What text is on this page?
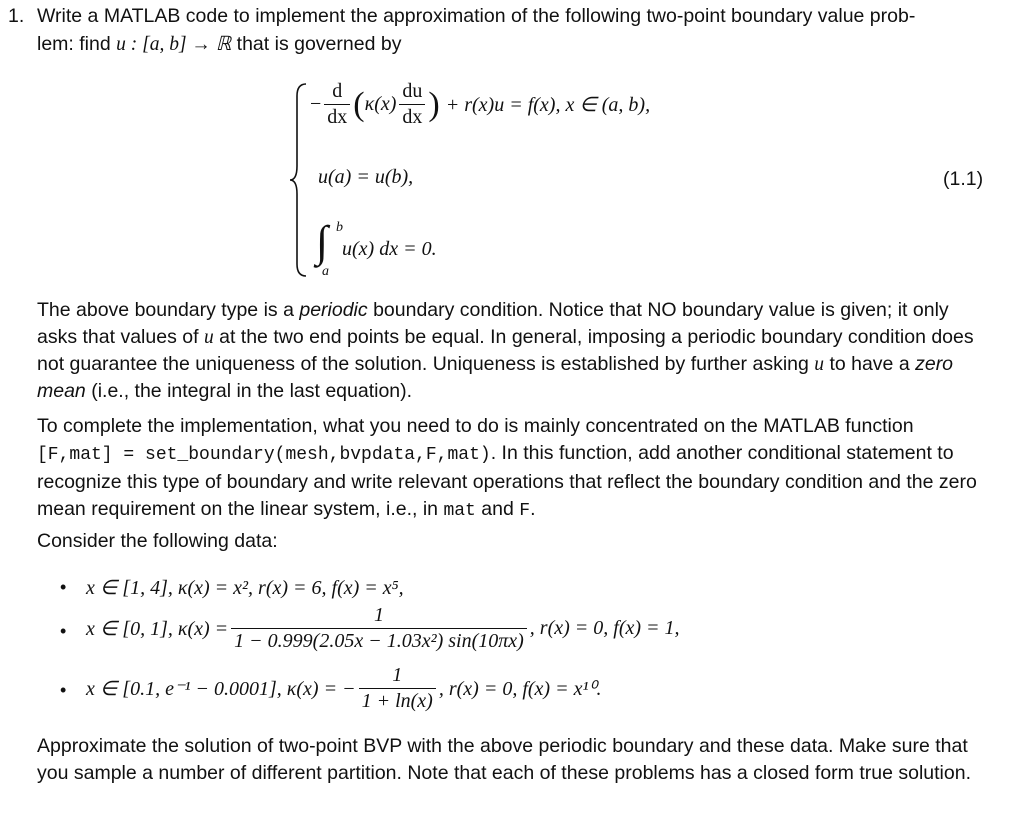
1. Write a MATLAB code to implement the approximation of the following two-point boundary value prob-
lem: find u : [a, b] → ℝ that is governed by
− $\frac{d}{dx}$ ( $\kappa(x) \frac{du}{dx}$ ) + r(x)u = f(x), x ∈ (a, b),
u(a) = u(b),	(1.1)
∫ b
a
u(x) dx = 0.
The above boundary type is a periodic boundary condition. Notice that NO boundary value is given; it only asks that values of u at the two end points be equal. In general, imposing a periodic boundary condition does not guarantee the uniqueness of the solution. Uniqueness is established by further asking u to have a zero mean (i.e., the integral in the last equation).
To complete the implementation, what you need to do is mainly concentrated on the MATLAB function [F,mat] = set_boundary(mesh,bvpdata,F,mat). In this function, add another conditional statement to recognize this type of boundary and write relevant operations that reflect the boundary condition and the zero mean requirement on the linear system, i.e., in mat and F.
Consider the following data:
• x ∈ [1, 4], κ(x) = x², r(x) = 6, f(x) = x⁵,
• x ∈ [0, 1], $\kappa(x) = \frac{1}{\text{1 − 0.999(2.05x − 1.03x²) sin(10πx)}}$ , r(x) = 0, f(x) = 1,
• x ∈ [0.1, e⁻¹ − 0.0001], κ(x) = − $\frac{1}{1 + \ln(x)}$ , r(x) = 0, f(x) = x¹⁰.
Approximate the solution of two-point BVP with the above periodic boundary and these data. Make sure that you sample a number of different partition. Note that each of these problems has a closed form true solution.
